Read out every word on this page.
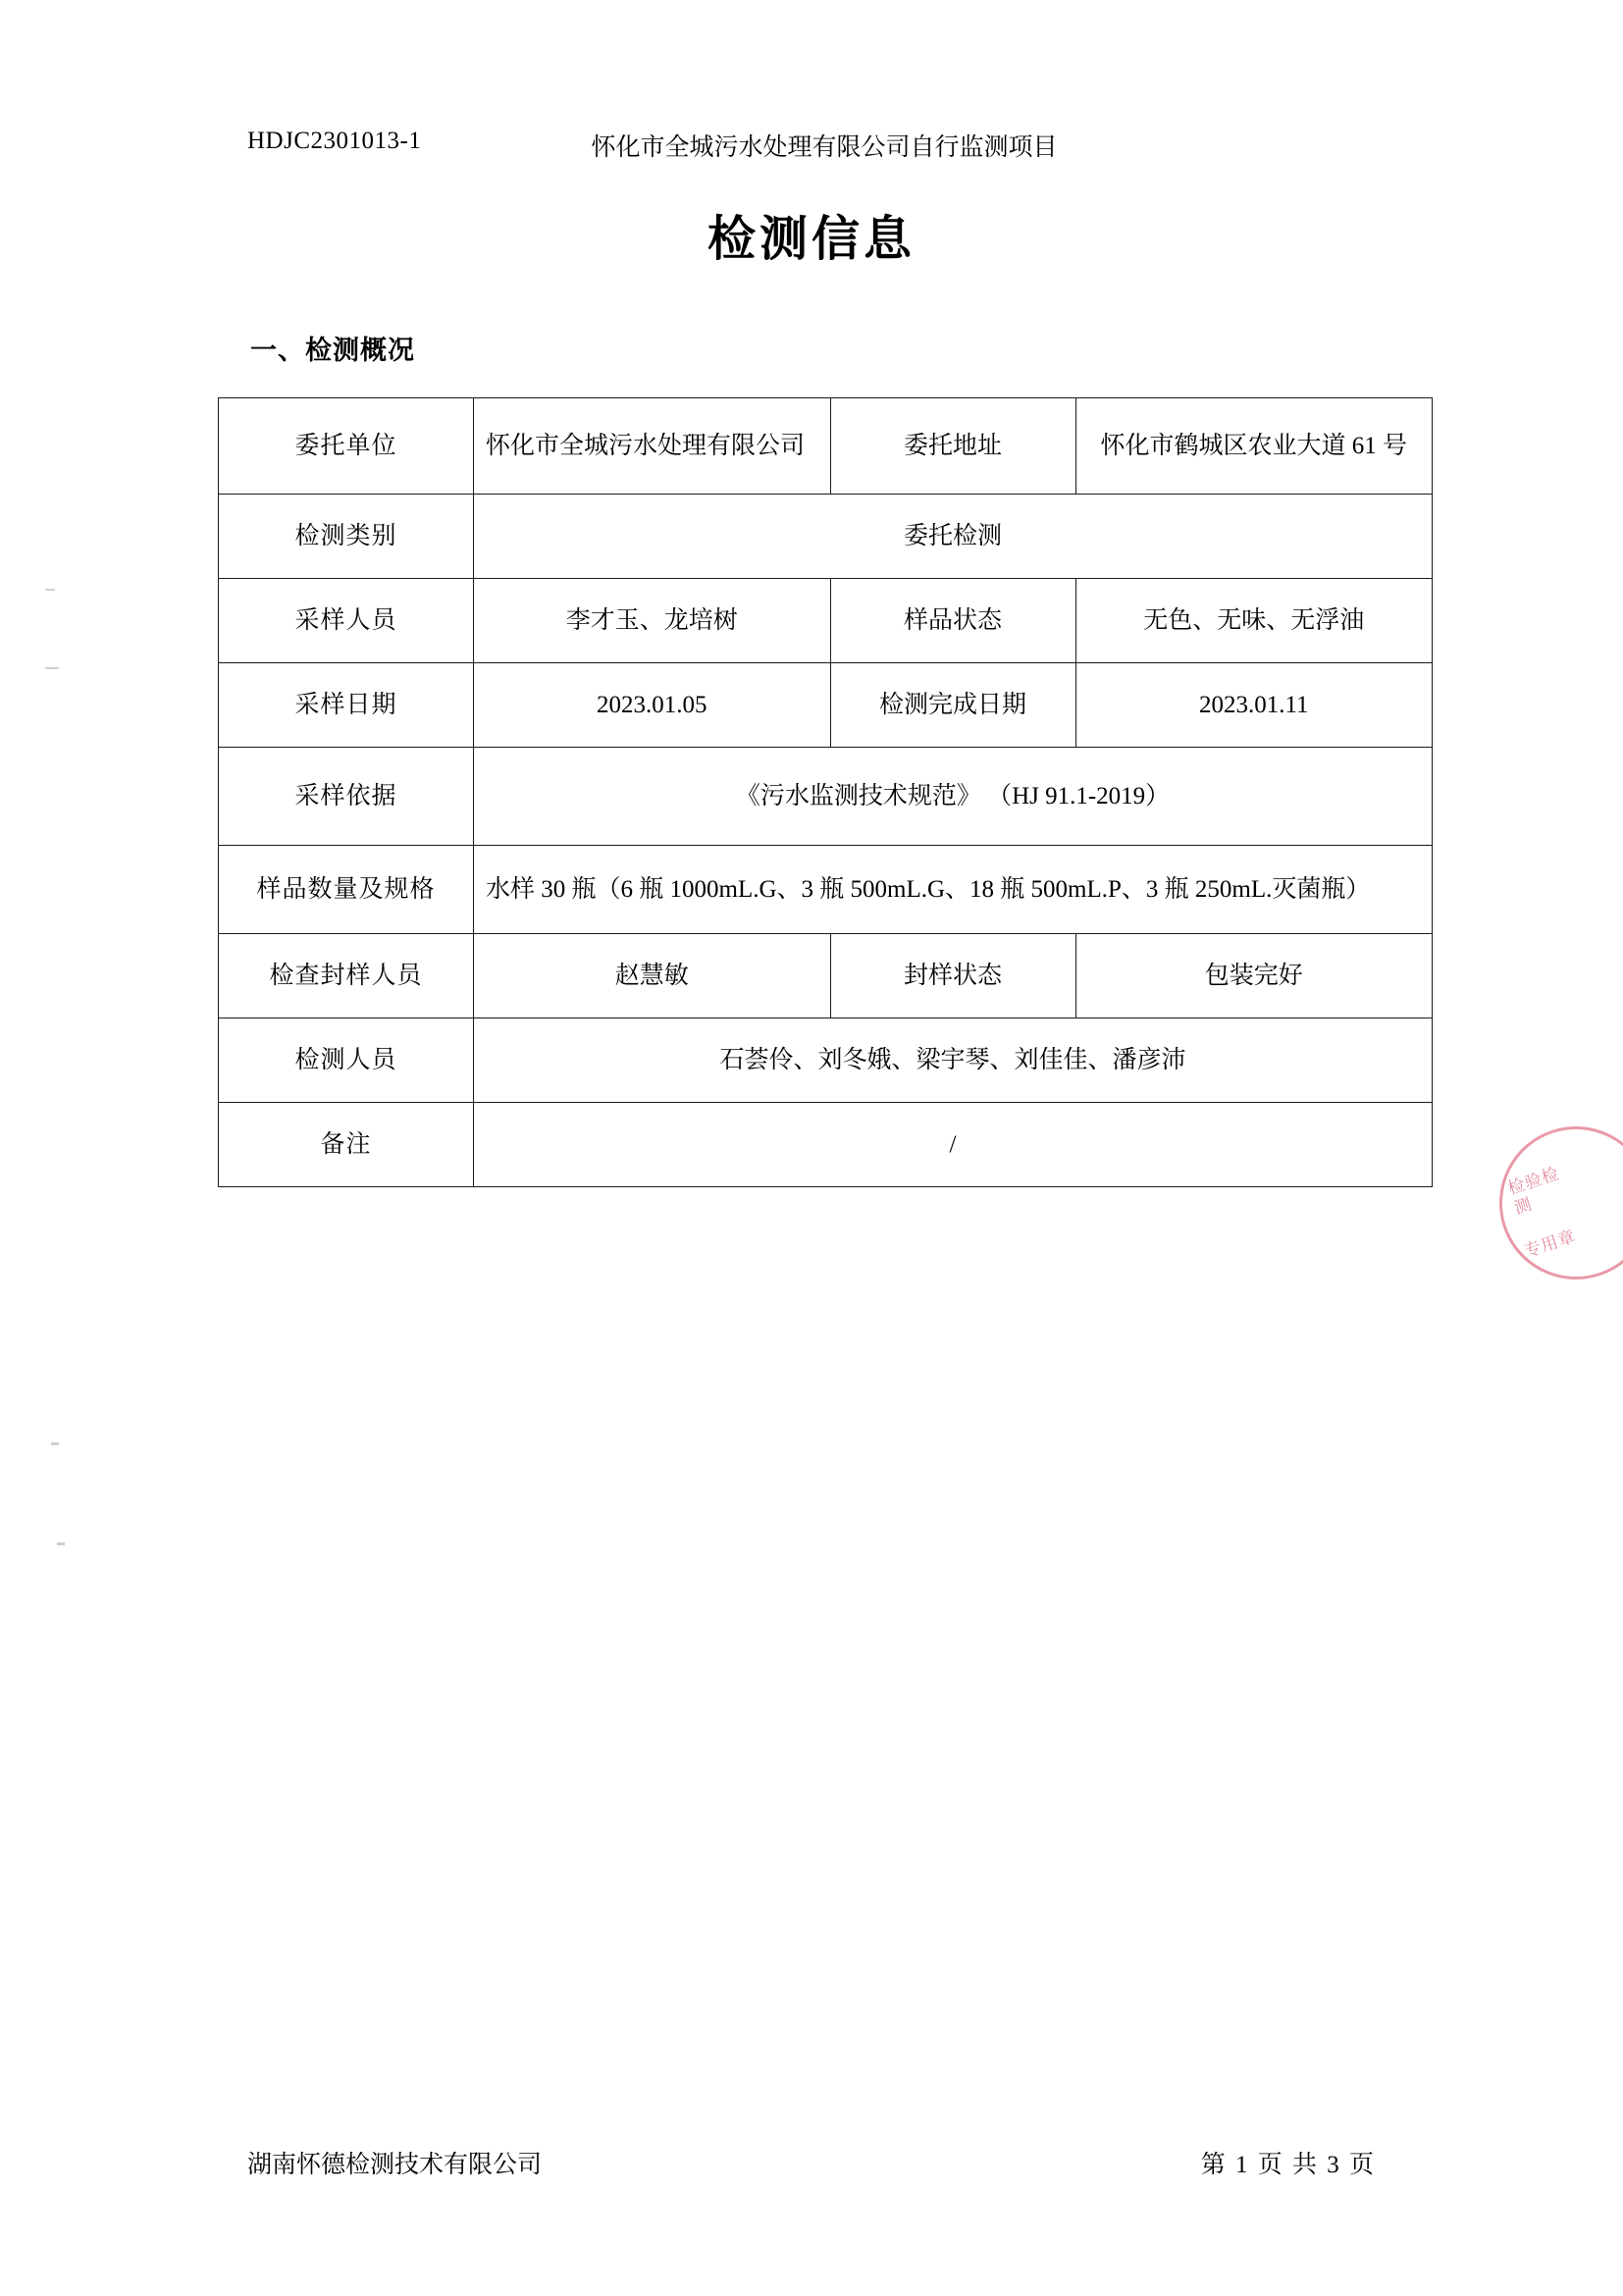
HDJC2301013-1	怀化市全城污水处理有限公司自行监测项目
检测信息
一、检测概况
委托单位	怀化市全城污水处理有限公司	委托地址	怀化市鹤城区农业大道 61 号
检测类别	委托检测		
采样人员	李才玉、龙培树	样品状态	无色、无味、无浮油
采样日期	2023.01.05	检测完成日期	2023.01.11
采样依据	《污水监测技术规范》 （HJ 91.1-2019）		
样品数量及规格	水样 30 瓶（6 瓶 1000mL.G、3 瓶 500mL.G、18 瓶 500mL.P、3 瓶 250mL.灭菌瓶）		
检查封样人员	赵慧敏	封样状态	包装完好
检测人员	石荟伶、刘冬娥、梁宇琴、刘佳佳、潘彦沛		
备注	/		
检验检测
专用章
湖南怀德检测技术有限公司	第 1 页 共 3 页
